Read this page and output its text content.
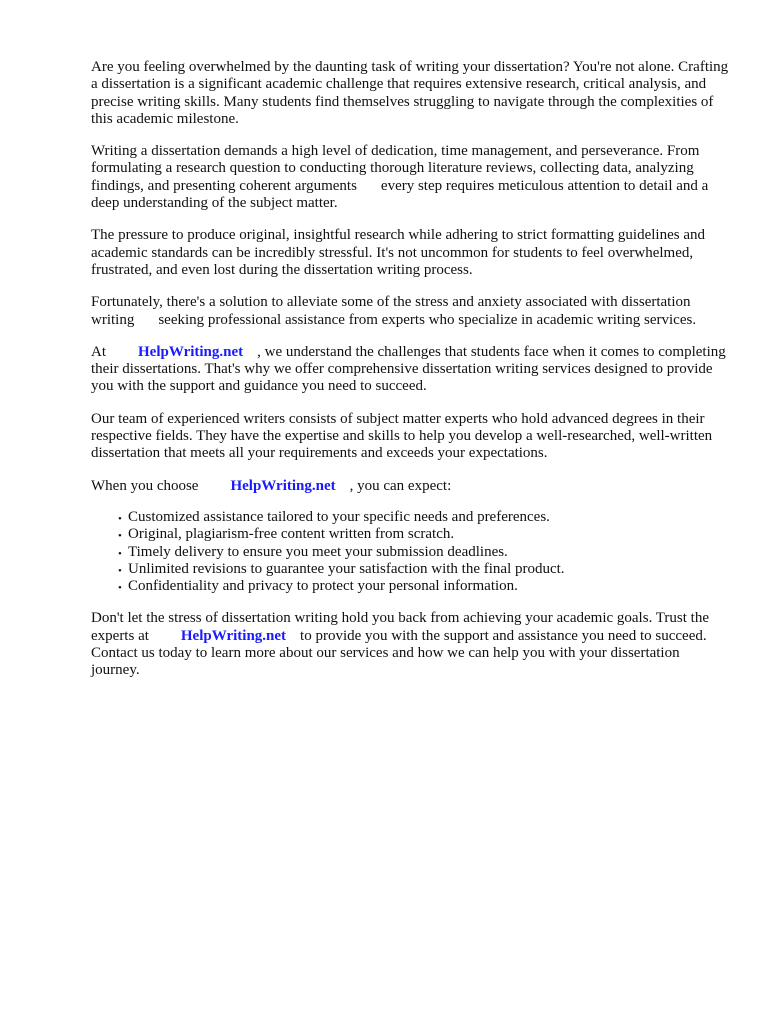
Are you feeling overwhelmed by the daunting task of writing your dissertation? You're not alone. Crafting a dissertation is a significant academic challenge that requires extensive research, critical analysis, and precise writing skills. Many students find themselves struggling to navigate through the complexities of this academic milestone.

Writing a dissertation demands a high level of dedication, time management, and perseverance. From formulating a research question to conducting thorough literature reviews, collecting data, analyzing findings, and presenting coherent arguments every step requires meticulous attention to detail and a deep understanding of the subject matter.

The pressure to produce original, insightful research while adhering to strict formatting guidelines and academic standards can be incredibly stressful. It's not uncommon for students to feel overwhelmed, frustrated, and even lost during the dissertation writing process.

Fortunately, there's a solution to alleviate some of the stress and anxiety associated with dissertation writing seeking professional assistance from experts who specialize in academic writing services.

At HelpWriting.net , we understand the challenges that students face when it comes to completing their dissertations. That's why we offer comprehensive dissertation writing services designed to provide you with the support and guidance you need to succeed.

Our team of experienced writers consists of subject matter experts who hold advanced degrees in their respective fields. They have the expertise and skills to help you develop a well-researched, well-written dissertation that meets all your requirements and exceeds your expectations.

When you choose HelpWriting.net , you can expect:

• Customized assistance tailored to your specific needs and preferences.
• Original, plagiarism-free content written from scratch.
• Timely delivery to ensure you meet your submission deadlines.
• Unlimited revisions to guarantee your satisfaction with the final product.
• Confidentiality and privacy to protect your personal information.

Don't let the stress of dissertation writing hold you back from achieving your academic goals. Trust the experts at HelpWriting.net to provide you with the support and assistance you need to succeed. Contact us today to learn more about our services and how we can help you with your dissertation journey.
